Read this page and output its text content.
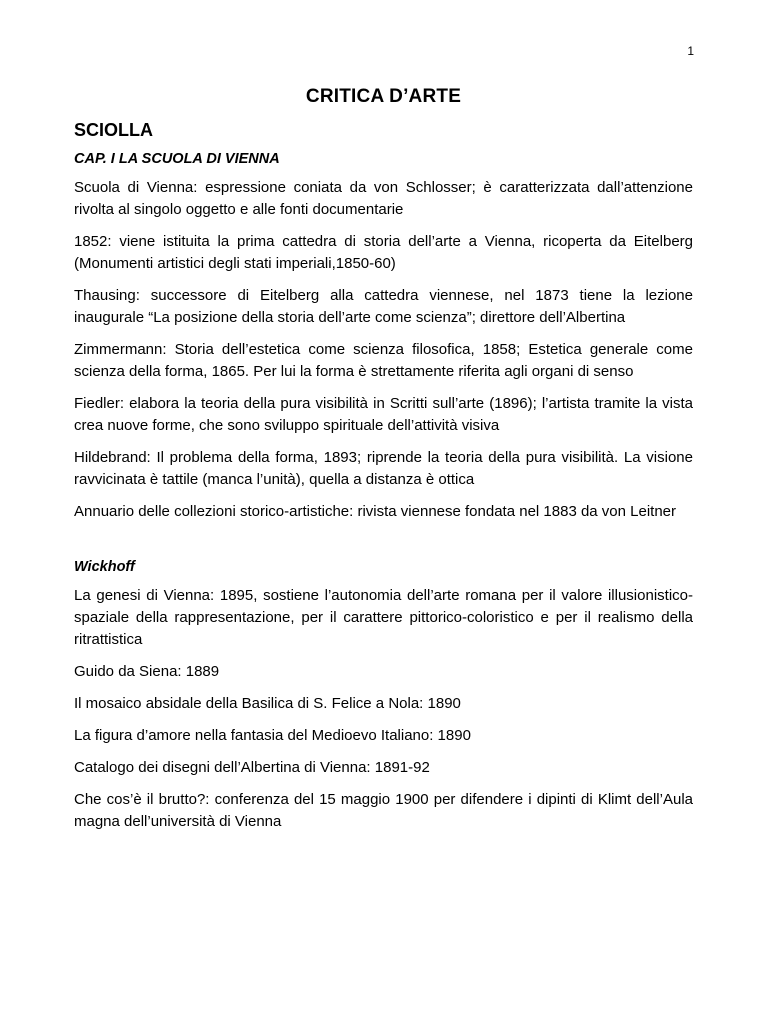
1
CRITICA D’ARTE
SCIOLLA
CAP. I LA SCUOLA DI VIENNA

Scuola di Vienna: espressione coniata da von Schlosser; è caratterizzata dall’attenzione rivolta al singolo oggetto e alle fonti documentarie

1852: viene istituita la prima cattedra di storia dell’arte a Vienna, ricoperta da Eitelberg (Monumenti artistici degli stati imperiali,1850-60)

Thausing: successore di Eitelberg alla cattedra viennese, nel 1873 tiene la lezione inaugurale “La posizione della storia dell’arte come scienza”; direttore dell’Albertina

Zimmermann: Storia dell’estetica come scienza filosofica, 1858; Estetica generale come scienza della forma, 1865. Per lui la forma è strettamente riferita agli organi di senso

Fiedler: elabora la teoria della pura visibilità in Scritti sull’arte (1896); l’artista tramite la vista crea nuove forme, che sono sviluppo spirituale dell’attività visiva

Hildebrand: Il problema della forma, 1893; riprende la teoria della pura visibilità. La visione ravvicinata è tattile (manca l’unità), quella a distanza è ottica

Annuario delle collezioni storico-artistiche: rivista viennese fondata nel 1883 da von Leitner

Wickhoff

La genesi di Vienna: 1895, sostiene l’autonomia dell’arte romana per il valore illusionistico-spaziale della rappresentazione, per il carattere pittorico-coloristico e per il realismo della ritrattistica

Guido da Siena: 1889

Il mosaico absidale della Basilica di S. Felice a Nola: 1890

La figura d’amore nella fantasia del Medioevo Italiano: 1890

Catalogo dei disegni dell’Albertina di Vienna: 1891-92

Che cos’è il brutto?: conferenza del 15 maggio 1900 per difendere i dipinti di Klimt dell’Aula magna dell’università di Vienna
